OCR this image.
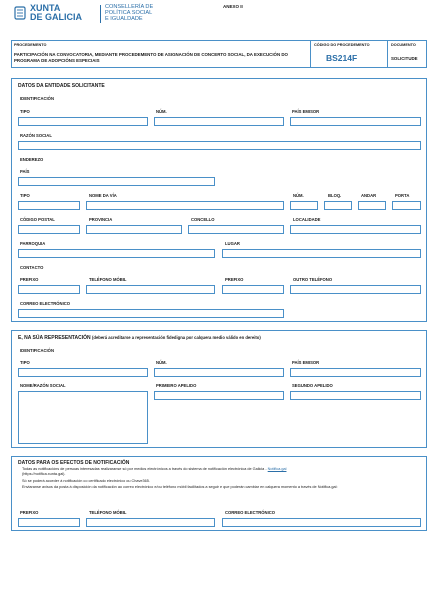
XUNTA
DE GALICIA
CONSELLERÍA DE
POLÍTICA SOCIAL
E IGUALDADE
ANEXO II
PROCEDEMENTO
PARTICIPACIÓN NA CONVOCATORIA, MEDIANTE PROCEDEMENTO DE ASIGNACIÓN DE CONCERTO SOCIAL, DA EXECUCIÓN DO PROGRAMA DE ADOPCIÓNS ESPECIAIS
CÓDIGO DO PROCEDEMENTO
BS214F
DOCUMENTO
SOLICITUDE
DATOS DA ENTIDADE SOLICITANTE
IDENTIFICACIÓN
TIPO	NÚM.	PAÍS EMISOR
RAZÓN SOCIAL
ENDEREZO
PAÍS
TIPO	NOME DA VÍA	NÚM.	BLOQ.	ANDAR	PORTA
CÓDIGO POSTAL	PROVINCIA	CONCELLO	LOCALIDADE
PARROQUIA	LUGAR
CONTACTO
PREFIXO	TELÉFONO MÓBIL	PREFIXO	OUTRO TELÉFONO
CORREO ELECTRÓNICO
E, NA SÚA REPRESENTACIÓN (deberá acreditarse a representación fidedigna por calquera medio válido en dereito)
IDENTIFICACIÓN
TIPO	NÚM.	PAÍS EMISOR
NOME/RAZÓN SOCIAL	PRIMEIRO APELIDO	SEGUNDO APELIDO
DATOS PARA OS EFECTOS DE NOTIFICACIÓN
Todas as notificacións de persoas interesadas realizaranse só por medios electrónicos a través do sistema de notificación electrónica de Galicia - Notifica.gal
(https://notifica.xunta.gal).
Só se poderá acceder á notificación co certificado electrónico ou Chave365.
Enviaranse avisos da posta á disposición da notificación ao correo electrónico e/ou teléfono móbil facilitados a seguir e que poderán cambiar en calquera momento a través de Notifica.gal:
PREFIXO	TELÉFONO MÓBIL	CORREO ELECTRÓNICO
